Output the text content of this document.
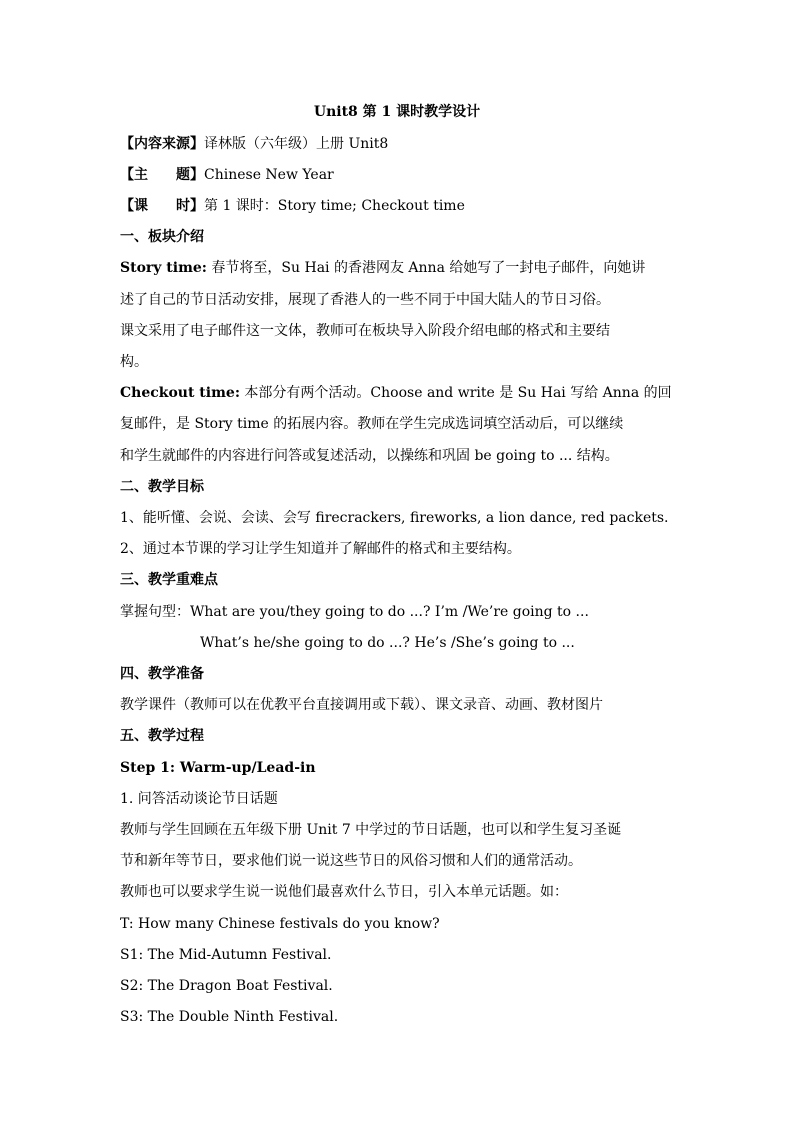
Unit8 第 1 课时教学设计
【内容来源】译林版（六年级）上册 Unit8
【主　　题】Chinese New Year
【课　　时】第 1 课时：Story time; Checkout time
一、板块介绍
Story time: 春节将至，Su Hai 的香港网友 Anna 给她写了一封电子邮件，向她讲
述了自己的节日活动安排，展现了香港人的一些不同于中国大陆人的节日习俗。
课文采用了电子邮件这一文体，教师可在板块导入阶段介绍电邮的格式和主要结
构。
Checkout time: 本部分有两个活动。Choose and write 是 Su Hai 写给 Anna 的回
复邮件，是 Story time 的拓展内容。教师在学生完成选词填空活动后，可以继续
和学生就邮件的内容进行问答或复述活动，以操练和巩固 be going to ... 结构。
二、教学目标
1、能听懂、会说、会读、会写 firecrackers, fireworks, a lion dance, red packets.
2、通过本节课的学习让学生知道并了解邮件的格式和主要结构。
三、教学重难点
掌握句型：What are you/they going to do ...? I’m /We’re going to ...
What’s he/she going to do ...? He’s /She’s going to ...
四、教学准备
教学课件（教师可以在优教平台直接调用或下载）、课文录音、动画、教材图片
五、教学过程
Step 1: Warm-up/Lead-in
1. 问答活动谈论节日话题
教师与学生回顾在五年级下册 Unit 7 中学过的节日话题，也可以和学生复习圣诞
节和新年等节日，要求他们说一说这些节日的风俗习惯和人们的通常活动。
教师也可以要求学生说一说他们最喜欢什么节日，引入本单元话题。如：
T: How many Chinese festivals do you know?
S1: The Mid-Autumn Festival.
S2: The Dragon Boat Festival.
S3: The Double Ninth Festival.
